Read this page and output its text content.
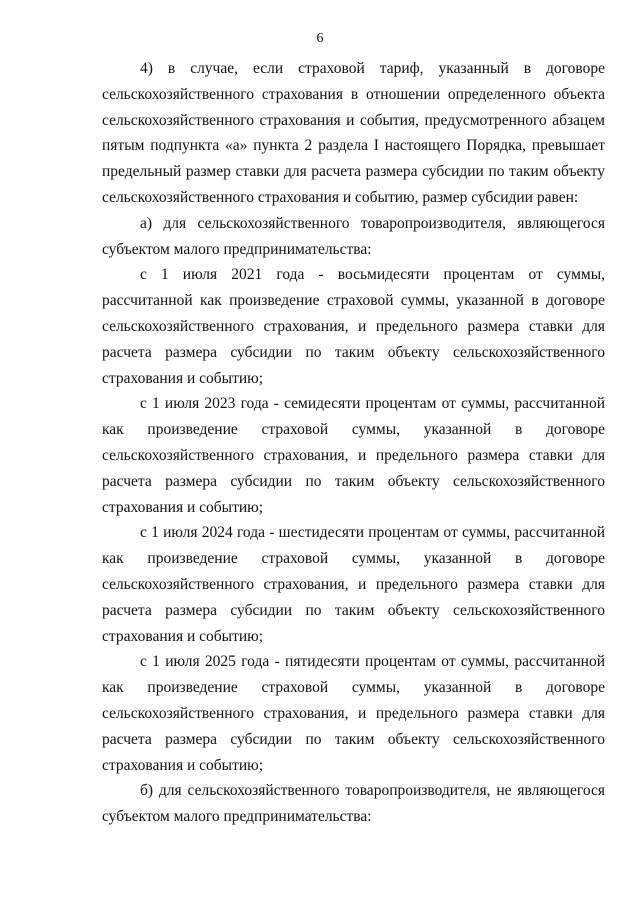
6

4) в случае, если страховой тариф, указанный в договоре сельскохозяйственного страхования в отношении определенного объекта сельскохозяйственного страхования и события, предусмотренного абзацем пятым подпункта «а» пункта 2 раздела I настоящего Порядка, превышает предельный размер ставки для расчета размера субсидии по таким объекту сельскохозяйственного страхования и событию, размер субсидии равен:

а) для сельскохозяйственного товаропроизводителя, являющегося субъектом малого предпринимательства:

с 1 июля 2021 года - восьмидесяти процентам от суммы, рассчитанной как произведение страховой суммы, указанной в договоре сельскохозяйственного страхования, и предельного размера ставки для расчета размера субсидии по таким объекту сельскохозяйственного страхования и событию;

с 1 июля 2023 года - семидесяти процентам от суммы, рассчитанной как произведение страховой суммы, указанной в договоре сельскохозяйственного страхования, и предельного размера ставки для расчета размера субсидии по таким объекту сельскохозяйственного страхования и событию;

с 1 июля 2024 года - шестидесяти процентам от суммы, рассчитанной как произведение страховой суммы, указанной в договоре сельскохозяйственного страхования, и предельного размера ставки для расчета размера субсидии по таким объекту сельскохозяйственного страхования и событию;

с 1 июля 2025 года - пятидесяти процентам от суммы, рассчитанной как произведение страховой суммы, указанной в договоре сельскохозяйственного страхования, и предельного размера ставки для расчета размера субсидии по таким объекту сельскохозяйственного страхования и событию;

б) для сельскохозяйственного товаропроизводителя, не являющегося субъектом малого предпринимательства:
